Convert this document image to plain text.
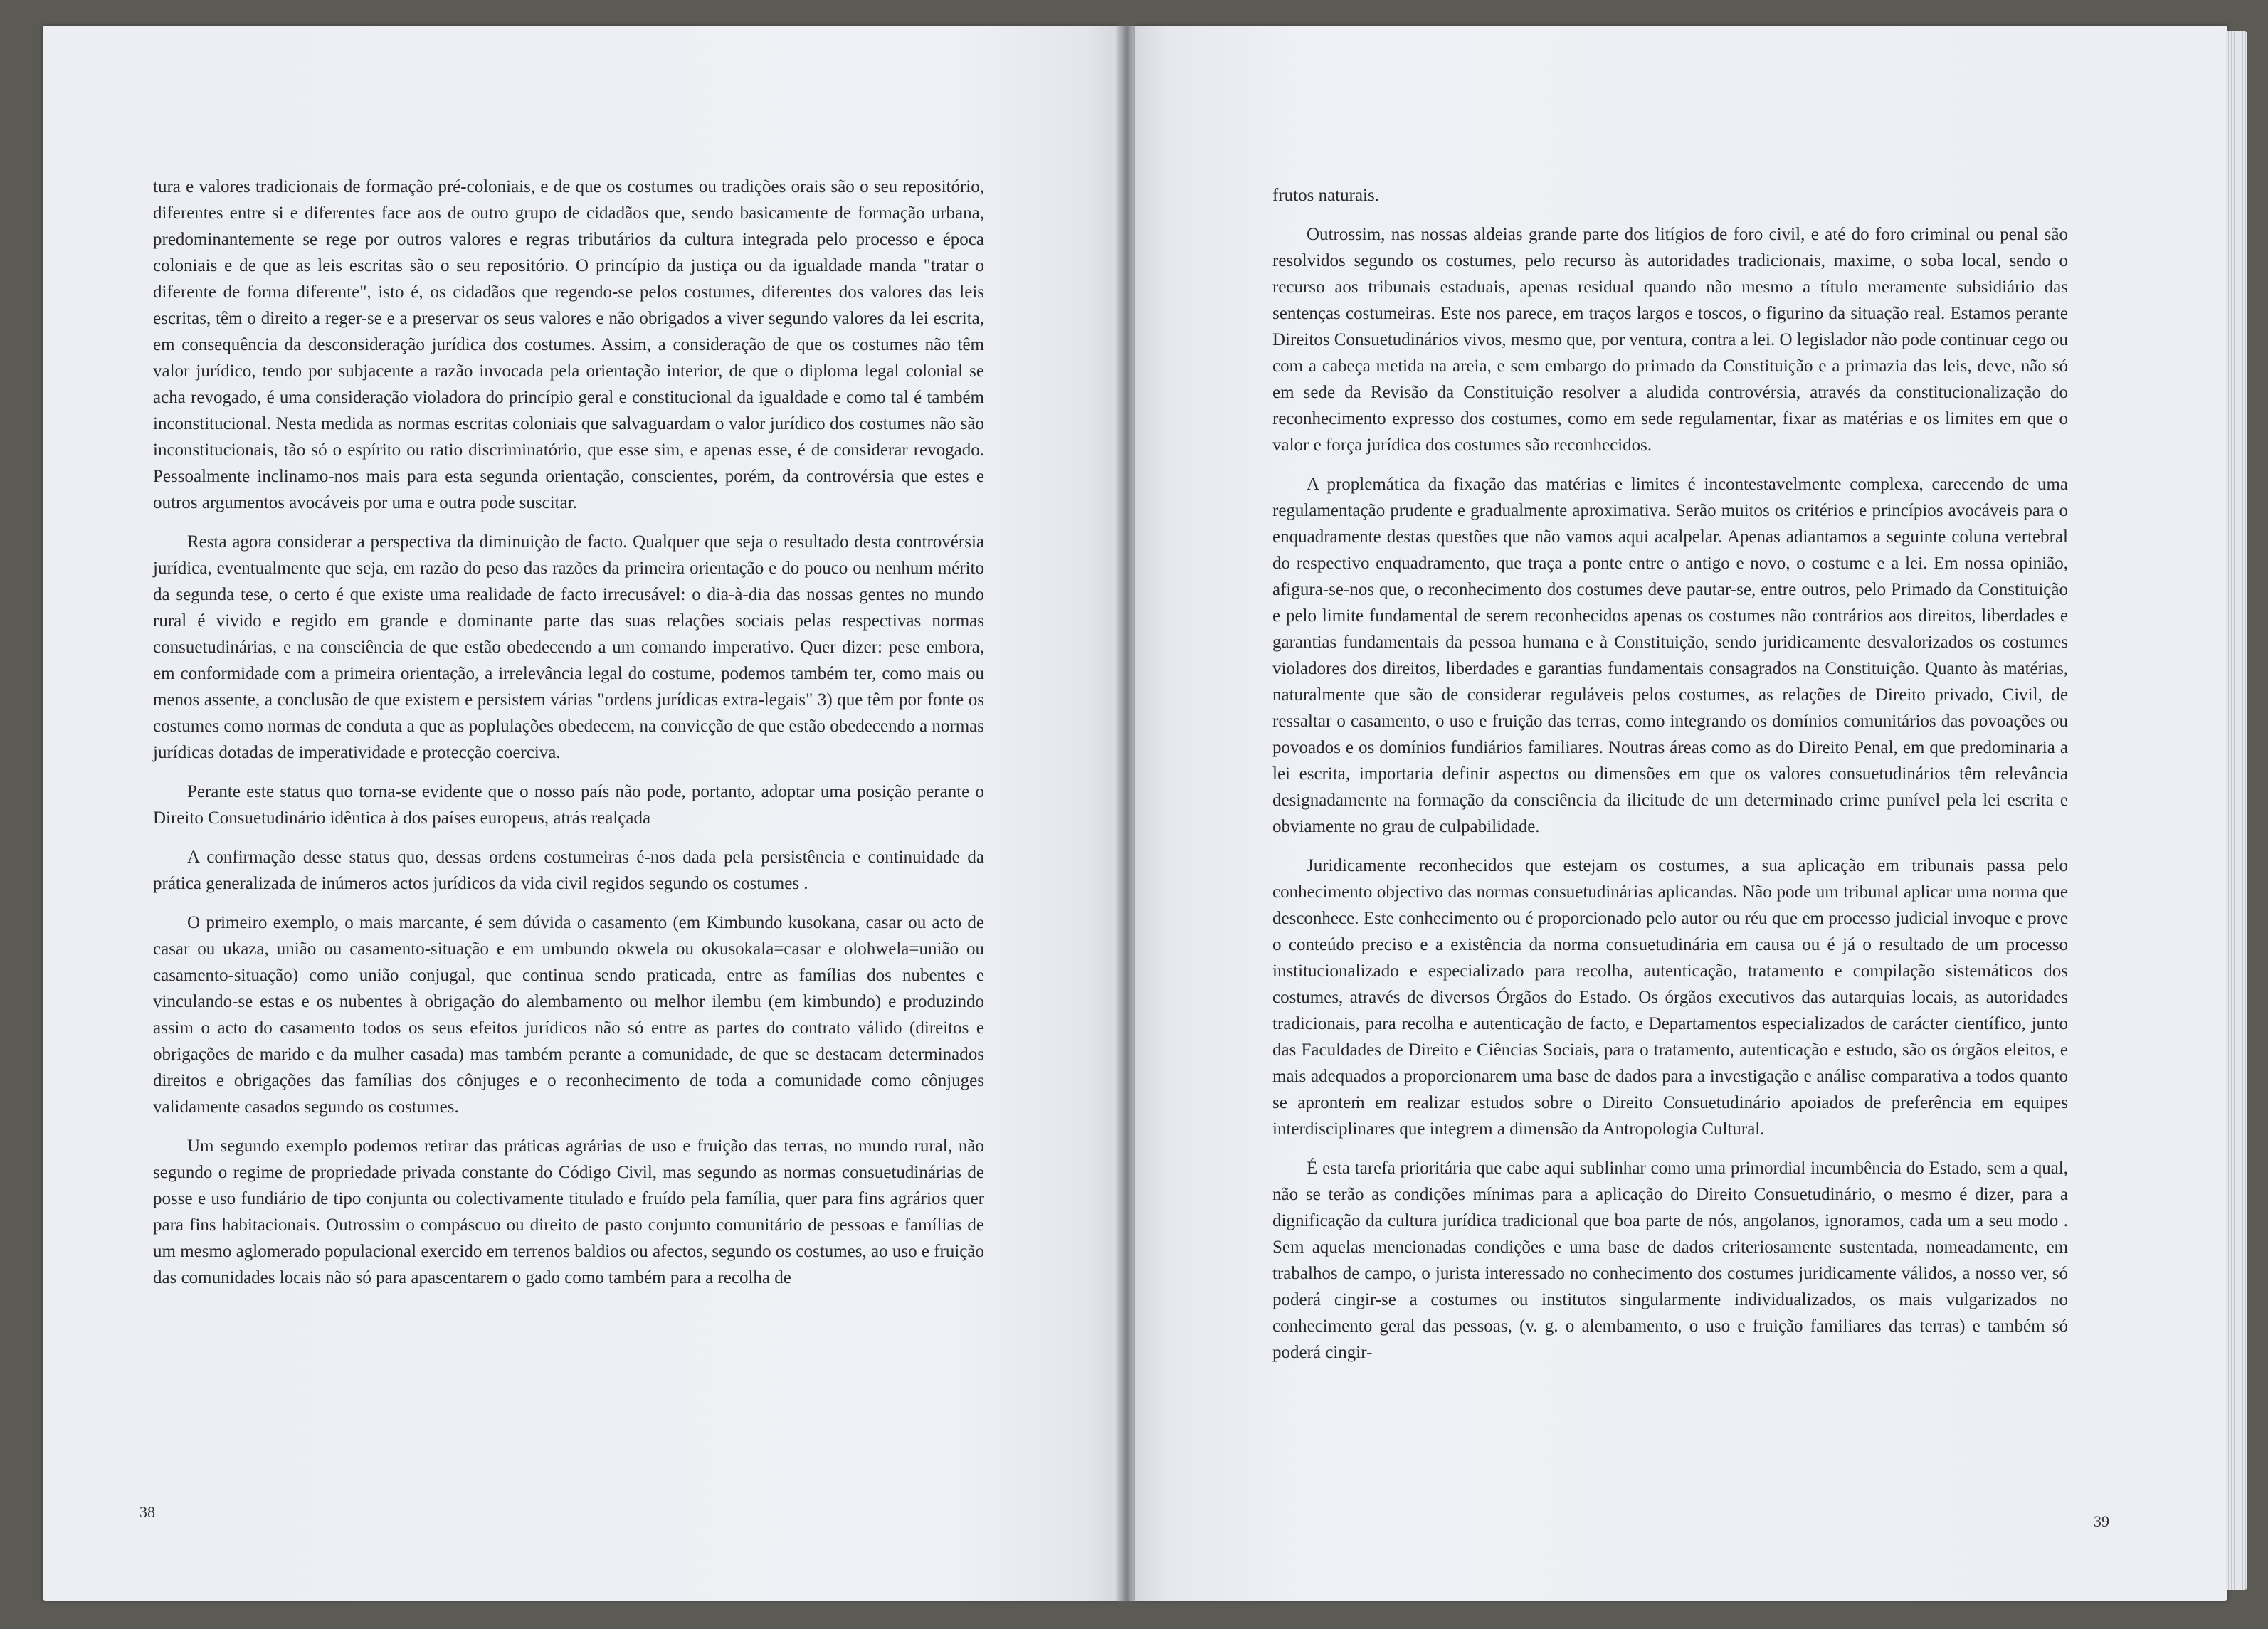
tura e valores tradicionais de formação pré-coloniais, e de que os costumes ou tradições orais são o seu repositório, diferentes entre si e diferentes face aos de outro grupo de cidadãos que, sendo basicamente de formação urbana, predominantemente se rege por outros valores e regras tributários da cultura integrada pelo processo e época coloniais e de que as leis escritas são o seu repositório. O princípio da justiça ou da igualdade manda "tratar o diferente de forma diferente", isto é, os cidadãos que regendo-se pelos costumes, diferentes dos valores das leis escritas, têm o direito a reger-se e a preservar os seus valores e não obrigados a viver segundo valores da lei escrita, em consequência da desconsideração jurídica dos costumes. Assim, a consideração de que os costumes não têm valor jurídico, tendo por subjacente a razão invocada pela orientação interior, de que o diploma legal colonial se acha revogado, é uma consideração violadora do princípio geral e constitucional da igualdade e como tal é também inconstitucional. Nesta medida as normas escritas coloniais que salvaguardam o valor jurídico dos costumes não são inconstitucionais, tão só o espírito ou ratio discriminatório, que esse sim, e apenas esse, é de considerar revogado. Pessoalmente inclinamo-nos mais para esta segunda orientação, conscientes, porém, da controvérsia que estes e outros argumentos avocáveis por uma e outra pode suscitar.

Resta agora considerar a perspectiva da diminuição de facto. Qualquer que seja o resultado desta controvérsia jurídica, eventualmente que seja, em razão do peso das razões da primeira orientação e do pouco ou nenhum mérito da segunda tese, o certo é que existe uma realidade de facto irrecusável: o dia-à-dia das nossas gentes no mundo rural é vivido e regido em grande e dominante parte das suas relações sociais pelas respectivas normas consuetudinárias, e na consciência de que estão obedecendo a um comando imperativo. Quer dizer: pese embora, em conformidade com a primeira orientação, a irrelevância legal do costume, podemos também ter, como mais ou menos assente, a conclusão de que existem e persistem várias "ordens jurídicas extra-legais" 3) que têm por fonte os costumes como normas de conduta a que as poplulações obedecem, na convicção de que estão obedecendo a normas jurídicas dotadas de imperatividade e protecção coerciva.

Perante este status quo torna-se evidente que o nosso país não pode, portanto, adoptar uma posição perante o Direito Consuetudinário idêntica à dos países europeus, atrás realçada

A confirmação desse status quo, dessas ordens costumeiras é-nos dada pela persistência e continuidade da prática generalizada de inúmeros actos jurídicos da vida civil regidos segundo os costumes .

O primeiro exemplo, o mais marcante, é sem dúvida o casamento (em Kimbundo kusokana, casar ou acto de casar ou ukaza, união ou casamento-situação e em umbundo okwela ou okusokala=casar e olohwela=união ou casamento-situação) como união conjugal, que continua sendo praticada, entre as famílias dos nubentes e vinculando-se estas e os nubentes à obrigação do alembamento ou melhor ilembu (em kimbundo) e produzindo assim o acto do casamento todos os seus efeitos jurídicos não só entre as partes do contrato válido (direitos e obrigações de marido e da mulher casada) mas também perante a comunidade, de que se destacam determinados direitos e obrigações das famílias dos cônjuges e o reconhecimento de toda a comunidade como cônjuges validamente casados segundo os costumes.

Um segundo exemplo podemos retirar das práticas agrárias de uso e fruição das terras, no mundo rural, não segundo o regime de propriedade privada constante do Código Civil, mas segundo as normas consuetudinárias de posse e uso fundiário de tipo conjunta ou colectivamente titulado e fruído pela família, quer para fins agrários quer para fins habitacionais. Outrossim o compáscuo ou direito de pasto conjunto comunitário de pessoas e famílias de um mesmo aglomerado populacional exercido em terrenos baldios ou afectos, segundo os costumes, ao uso e fruição das comunidades locais não só para apascentarem o gado como também para a recolha de

38

frutos naturais.

Outrossim, nas nossas aldeias grande parte dos litígios de foro civil, e até do foro criminal ou penal são resolvidos segundo os costumes, pelo recurso às autoridades tradicionais, maxime, o soba local, sendo o recurso aos tribunais estaduais, apenas residual quando não mesmo a título meramente subsidiário das sentenças costumeiras. Este nos parece, em traços largos e toscos, o figurino da situação real. Estamos perante Direitos Consuetudinários vivos, mesmo que, por ventura, contra a lei. O legislador não pode continuar cego ou com a cabeça metida na areia, e sem embargo do primado da Constituição e a primazia das leis, deve, não só em sede da Revisão da Constituição resolver a aludida controvérsia, através da constitucionalização do reconhecimento expresso dos costumes, como em sede regulamentar, fixar as matérias e os limites em que o valor e força jurídica dos costumes são reconhecidos.

A proplemática da fixação das matérias e limites é incontestavelmente complexa, carecendo de uma regulamentação prudente e gradualmente aproximativa. Serão muitos os critérios e princípios avocáveis para o enquadramente destas questões que não vamos aqui acalpelar. Apenas adiantamos a seguinte coluna vertebral do respectivo enquadramento, que traça a ponte entre o antigo e novo, o costume e a lei. Em nossa opinião, afigura-se-nos que, o reconhecimento dos costumes deve pautar-se, entre outros, pelo Primado da Constituição e pelo limite fundamental de serem reconhecidos apenas os costumes não contrários aos direitos, liberdades e garantias fundamentais da pessoa humana e à Constituição, sendo juridicamente desvalorizados os costumes violadores dos direitos, liberdades e garantias fundamentais consagrados na Constituição. Quanto às matérias, naturalmente que são de considerar reguláveis pelos costumes, as relações de Direito privado, Civil, de ressaltar o casamento, o uso e fruição das terras, como integrando os domínios comunitários das povoações ou povoados e os domínios fundiários familiares. Noutras áreas como as do Direito Penal, em que predominaria a lei escrita, importaria definir aspectos ou dimensões em que os valores consuetudinários têm relevância designadamente na formação da consciência da ilicitude de um determinado crime punível pela lei escrita e obviamente no grau de culpabilidade.

Juridicamente reconhecidos que estejam os costumes, a sua aplicação em tribunais passa pelo conhecimento objectivo das normas consuetudinárias aplicandas. Não pode um tribunal aplicar uma norma que desconhece. Este conhecimento ou é proporcionado pelo autor ou réu que em processo judicial invoque e prove o conteúdo preciso e a existência da norma consuetudinária em causa ou é já o resultado de um processo institucionalizado e especializado para recolha, autenticação, tratamento e compilação sistemáticos dos costumes, através de diversos Órgãos do Estado. Os órgãos executivos das autarquias locais, as autoridades tradicionais, para recolha e autenticação de facto, e Departamentos especializados de carácter científico, junto das Faculdades de Direito e Ciências Sociais, para o tratamento, autenticação e estudo, são os órgãos eleitos, e mais adequados a proporcionarem uma base de dados para a investigação e análise comparativa a todos quanto se apronteṁ em realizar estudos sobre o Direito Consuetudinário apoiados de preferência em equipes interdisciplinares que integrem a dimensão da Antropologia Cultural.

É esta tarefa prioritária que cabe aqui sublinhar como uma primordial incumbência do Estado, sem a qual, não se terão as condições mínimas para a aplicação do Direito Consuetudinário, o mesmo é dizer, para a dignificação da cultura jurídica tradicional que boa parte de nós, angolanos, ignoramos, cada um a seu modo . Sem aquelas mencionadas condições e uma base de dados criteriosamente sustentada, nomeadamente, em trabalhos de campo, o jurista interessado no conhecimento dos costumes juridicamente válidos, a nosso ver, só poderá cingir-se a costumes ou institutos singularmente individualizados, os mais vulgarizados no conhecimento geral das pessoas, (v. g. o alembamento, o uso e fruição familiares das terras) e também só poderá cingir-

39
